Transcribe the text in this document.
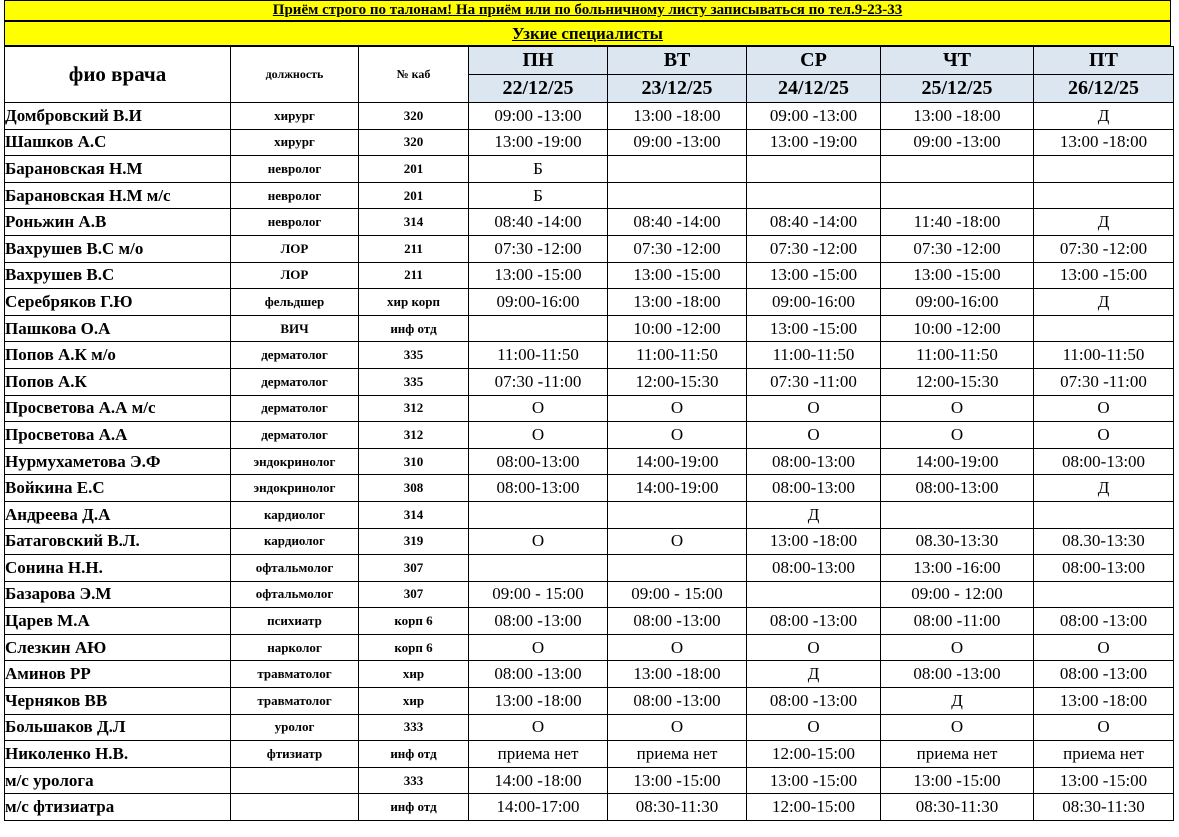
Приём строго по талонам! На приём или по больничному листу записываться по тел.9-23-33
Узкие специалисты
фио врача	должность	№ каб	ПН	ВТ	СР	ЧТ	ПТ
			22/12/25	23/12/25	24/12/25	25/12/25	26/12/25
Домбровский В.И	хирург	320	09:00 -13:00	13:00 -18:00	09:00 -13:00	13:00 -18:00	Д
Шашков А.С	хирург	320	13:00 -19:00	09:00 -13:00	13:00 -19:00	09:00 -13:00	13:00 -18:00
Барановская Н.М	невролог	201	Б				
Барановская Н.М м/с	невролог	201	Б				
Роньжин А.В	невролог	314	08:40 -14:00	08:40 -14:00	08:40 -14:00	11:40 -18:00	Д
Вахрушев В.С м/о	ЛОР	211	07:30 -12:00	07:30 -12:00	07:30 -12:00	07:30 -12:00	07:30 -12:00
Вахрушев В.С	ЛОР	211	13:00 -15:00	13:00 -15:00	13:00 -15:00	13:00 -15:00	13:00 -15:00
Серебряков Г.Ю	фельдшер	хир корп	09:00-16:00	13:00 -18:00	09:00-16:00	09:00-16:00	Д
Пашкова О.А	ВИЧ	инф отд		10:00 -12:00	13:00 -15:00	10:00 -12:00	
Попов А.К м/о	дерматолог	335	11:00-11:50	11:00-11:50	11:00-11:50	11:00-11:50	11:00-11:50
Попов А.К	дерматолог	335	07:30 -11:00	12:00-15:30	07:30 -11:00	12:00-15:30	07:30 -11:00
Просветова А.А м/с	дерматолог	312	О	О	О	О	О
Просветова А.А	дерматолог	312	О	О	О	О	О
Нурмухаметова Э.Ф	эндокринолог	310	08:00-13:00	14:00-19:00	08:00-13:00	14:00-19:00	08:00-13:00
Войкина Е.С	эндокринолог	308	08:00-13:00	14:00-19:00	08:00-13:00	08:00-13:00	Д
Андреева Д.А	кардиолог	314			Д		
Батаговский В.Л.	кардиолог	319	О	О	13:00 -18:00	08.30-13:30	08.30-13:30
Сонина Н.Н.	офтальмолог	307			08:00-13:00	13:00 -16:00	08:00-13:00
Базарова Э.М	офтальмолог	307	09:00 - 15:00	09:00 - 15:00		09:00 - 12:00	
Царев М.А	психиатр	корп 6	08:00 -13:00	08:00 -13:00	08:00 -13:00	08:00 -11:00	08:00 -13:00
Слезкин АЮ	нарколог	корп 6	О	О	О	О	О
Аминов РР	травматолог	хир	08:00 -13:00	13:00 -18:00	Д	08:00 -13:00	08:00 -13:00
Черняков ВВ	травматолог	хир	13:00 -18:00	08:00 -13:00	08:00 -13:00	Д	13:00 -18:00
Большаков Д.Л	уролог	333	О	О	О	О	О
Николенко Н.В.	фтизиатр	инф отд	приема нет	приема нет	12:00-15:00	приема нет	приема нет
м/с уролога		333	14:00 -18:00	13:00 -15:00	13:00 -15:00	13:00 -15:00	13:00 -15:00
м/с фтизиатра		инф отд	14:00-17:00	08:30-11:30	12:00-15:00	08:30-11:30	08:30-11:30
